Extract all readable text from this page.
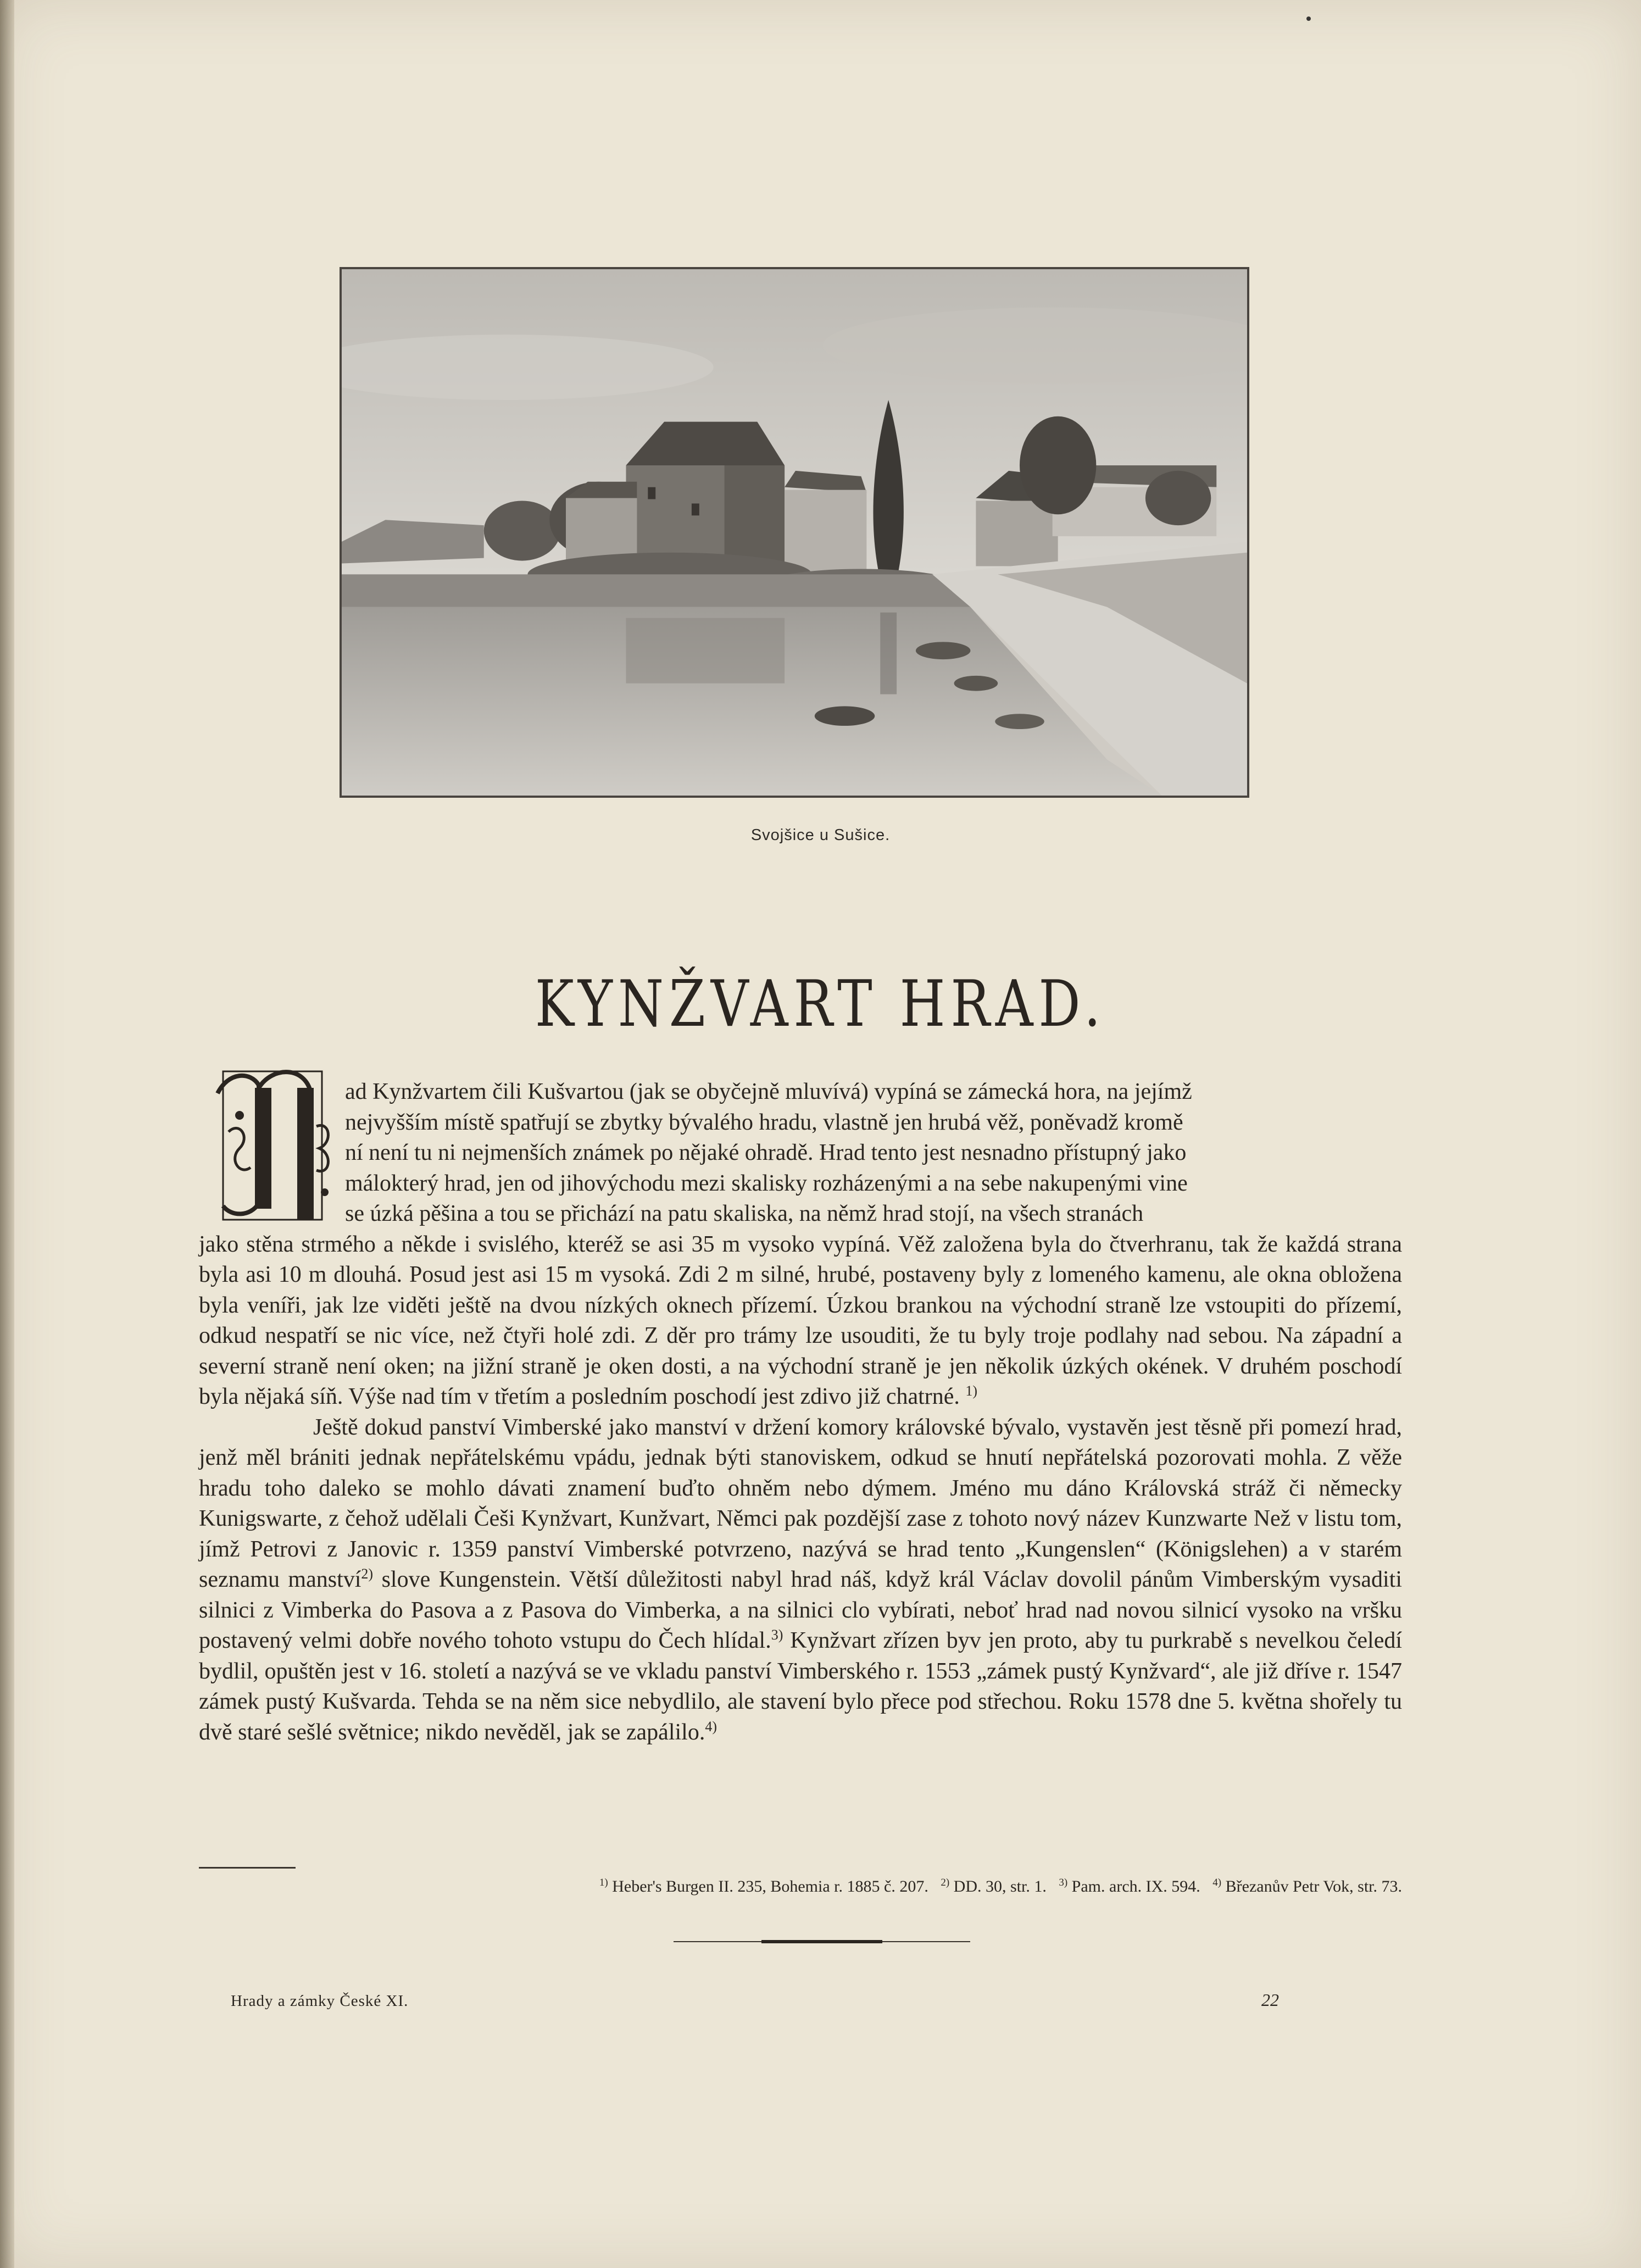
Svojšice u Sušice.
KYNŽVART HRAD.

ad Kynžvartem čili Kušvartou (jak se obyčejně mluvívá) vypíná se zámecká hora, na jejímž
nejvyšším místě spatřují se zbytky bývalého hradu, vlastně jen hrubá věž, poněvadž kromě
ní není tu ni nejmenších známek po nějaké ohradě. Hrad tento jest nesnadno přístupný jako
málokterý hrad, jen od jihovýchodu mezi skalisky rozházenými a na sebe nakupenými vine
se úzká pěšina a tou se přichází na patu skaliska, na němž hrad stojí, na všech stranách
jako stěna strmého a někde i svislého, kteréž se asi 35 m vysoko vypíná. Věž založena byla do čtverhranu, tak že každá strana byla asi 10 m dlouhá. Posud jest asi 15 m vysoká. Zdi 2 m silné, hrubé, postaveny byly z lomeného kamenu, ale okna obložena byla veníři, jak lze viděti ještě na dvou nízkých oknech přízemí. Úzkou brankou na východní straně lze vstoupiti do přízemí, odkud nespatří se nic více, než čtyři holé zdi. Z děr pro trámy lze usouditi, že tu byly troje podlahy nad sebou. Na západní a severní straně není oken; na jižní straně je oken dosti, a na východní straně je jen několik úzkých okének. V druhém poschodí byla nějaká síň. Výše nad tím v třetím a posledním poschodí jest zdivo již chatrné. $^{1)}$

Ještě dokud panství Vimberské jako manství v držení komory královské bývalo, vystavěn jest těsně při pomezí hrad, jenž měl brániti jednak nepřátelskému vpádu, jednak býti stanoviskem, odkud se hnutí nepřátelská pozorovati mohla. Z věže hradu toho daleko se mohlo dávati znamení buďto ohněm nebo dýmem. Jméno mu dáno Královská stráž či německy Kunigswarte, z čehož udělali Češi Kynžvart, Kunžvart, Němci pak pozdější zase z tohoto nový název Kunzwarte Než v listu tom, jímž Petrovi z Janovic r. 1359 panství Vimberské potvrzeno, nazývá se hrad tento „Kungenslen“ (Königslehen) a v starém seznamu manství$^{2)}$ slove Kungenstein. Větší důležitosti nabyl hrad náš, když král Václav dovolil pánům Vimberským vysaditi silnici z Vimberka do Pasova a z Pasova do Vimberka, a na silnici clo vybírati, neboť hrad nad novou silnicí vysoko na vršku postavený velmi dobře nového tohoto vstupu do Čech hlídal.$^{3)}$ Kynžvart zřízen byv jen proto, aby tu purkrabě s nevelkou čeledí bydlil, opuštěn jest v 16. století a nazývá se ve vkladu panství Vimberského r. 1553 „zámek pustý Kynžvard“, ale již dříve r. 1547 zámek pustý Kušvarda. Tehda se na něm sice nebydlilo, ale stavení bylo přece pod střechou. Roku 1578 dne 5. května shořely tu dvě staré sešlé světnice; nikdo nevěděl, jak se zapálilo.$^{4)}$

$^{1)}$ Heber's Burgen II. 235, Bohemia r. 1885 č. 207. $^{2)}$ DD. 30, str. 1. $^{3)}$ Pam. arch. IX. 594. $^{4)}$ Březanův Petr Vok, str. 73.
Hrady a zámky České XI.	22
